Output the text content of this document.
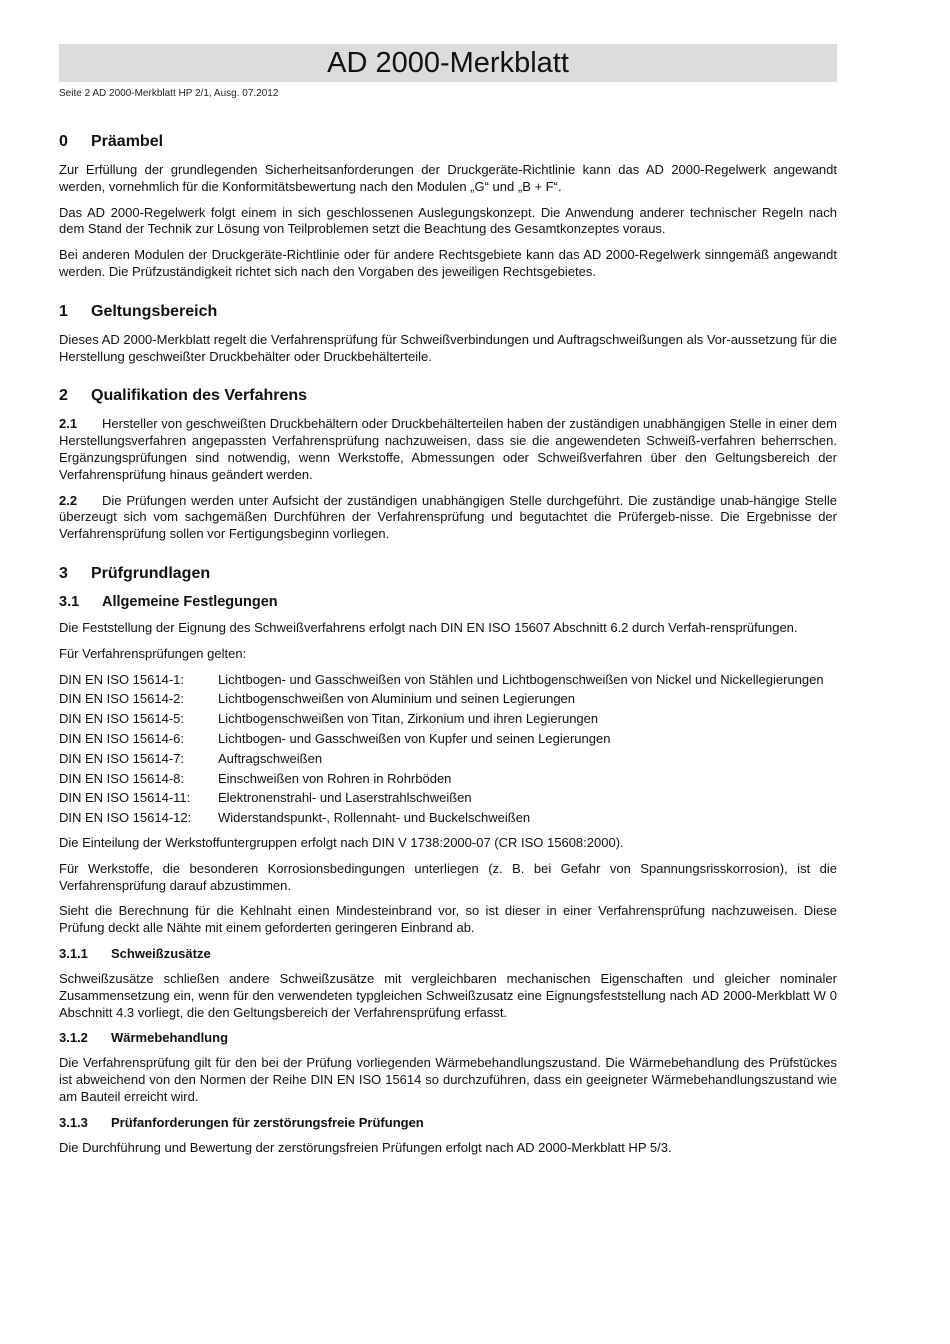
AD 2000-Merkblatt
Seite 2 AD 2000-Merkblatt HP 2/1, Ausg. 07.2012
0 Präambel

Zur Erfüllung der grundlegenden Sicherheitsanforderungen der Druckgeräte-Richtlinie kann das AD 2000-Regelwerk angewandt werden, vornehmlich für die Konformitätsbewertung nach den Modulen „G“ und „B + F“.

Das AD 2000-Regelwerk folgt einem in sich geschlossenen Auslegungskonzept. Die Anwendung anderer technischer Regeln nach dem Stand der Technik zur Lösung von Teilproblemen setzt die Beachtung des Gesamtkonzeptes voraus.

Bei anderen Modulen der Druckgeräte-Richtlinie oder für andere Rechtsgebiete kann das AD 2000-Regelwerk sinngemäß angewandt werden. Die Prüfzuständigkeit richtet sich nach den Vorgaben des jeweiligen Rechtsgebietes.

1 Geltungsbereich

Dieses AD 2000-Merkblatt regelt die Verfahrensprüfung für Schweißverbindungen und Auftragschweißungen als Vor-aussetzung für die Herstellung geschweißter Druckbehälter oder Druckbehälterteile.

2 Qualifikation des Verfahrens

2.1 Hersteller von geschweißten Druckbehältern oder Druckbehälterteilen haben der zuständigen unabhängigen Stelle in einer dem Herstellungsverfahren angepassten Verfahrensprüfung nachzuweisen, dass sie die angewendeten Schweiß-verfahren beherrschen. Ergänzungsprüfungen sind notwendig, wenn Werkstoffe, Abmessungen oder Schweißverfahren über den Geltungsbereich der Verfahrensprüfung hinaus geändert werden.

2.2 Die Prüfungen werden unter Aufsicht der zuständigen unabhängigen Stelle durchgeführt. Die zuständige unab-hängige Stelle überzeugt sich vom sachgemäßen Durchführen der Verfahrensprüfung und begutachtet die Prüfergeb-nisse. Die Ergebnisse der Verfahrensprüfung sollen vor Fertigungsbeginn vorliegen.

3 Prüfgrundlagen
3.1 Allgemeine Festlegungen

Die Feststellung der Eignung des Schweißverfahrens erfolgt nach DIN EN ISO 15607 Abschnitt 6.2 durch Verfah-rensprüfungen.

Für Verfahrensprüfungen gelten:

DIN EN ISO 15614-1:	Lichtbogen- und Gasschweißen von Stählen und Lichtbogenschweißen von Nickel und Nickellegierungen
DIN EN ISO 15614-2:	Lichtbogenschweißen von Aluminium und seinen Legierungen
DIN EN ISO 15614-5:	Lichtbogenschweißen von Titan, Zirkonium und ihren Legierungen
DIN EN ISO 15614-6:	Lichtbogen- und Gasschweißen von Kupfer und seinen Legierungen
DIN EN ISO 15614-7:	Auftragschweißen
DIN EN ISO 15614-8:	Einschweißen von Rohren in Rohrböden
DIN EN ISO 15614-11:	Elektronenstrahl- und Laserstrahlschweißen
DIN EN ISO 15614-12:	Widerstandspunkt-, Rollennaht- und Buckelschweißen

Die Einteilung der Werkstoffuntergruppen erfolgt nach DIN V 1738:2000-07 (CR ISO 15608:2000).

Für Werkstoffe, die besonderen Korrosionsbedingungen unterliegen (z. B. bei Gefahr von Spannungsrisskorrosion), ist die Verfahrensprüfung darauf abzustimmen.

Sieht die Berechnung für die Kehlnaht einen Mindesteinbrand vor, so ist dieser in einer Verfahrensprüfung nachzuweisen. Diese Prüfung deckt alle Nähte mit einem geforderten geringeren Einbrand ab.

3.1.1 Schweißzusätze

Schweißzusätze schließen andere Schweißzusätze mit vergleichbaren mechanischen Eigenschaften und gleicher nominaler Zusammensetzung ein, wenn für den verwendeten typgleichen Schweißzusatz eine Eignungsfeststellung nach AD 2000-Merkblatt W 0 Abschnitt 4.3 vorliegt, die den Geltungsbereich der Verfahrensprüfung erfasst.

3.1.2 Wärmebehandlung

Die Verfahrensprüfung gilt für den bei der Prüfung vorliegenden Wärmebehandlungszustand. Die Wärmebehandlung des Prüfstückes ist abweichend von den Normen der Reihe DIN EN ISO 15614 so durchzuführen, dass ein geeigneter Wärmebehandlungszustand wie am Bauteil erreicht wird.

3.1.3 Prüfanforderungen für zerstörungsfreie Prüfungen

Die Durchführung und Bewertung der zerstörungsfreien Prüfungen erfolgt nach AD 2000-Merkblatt HP 5/3.
